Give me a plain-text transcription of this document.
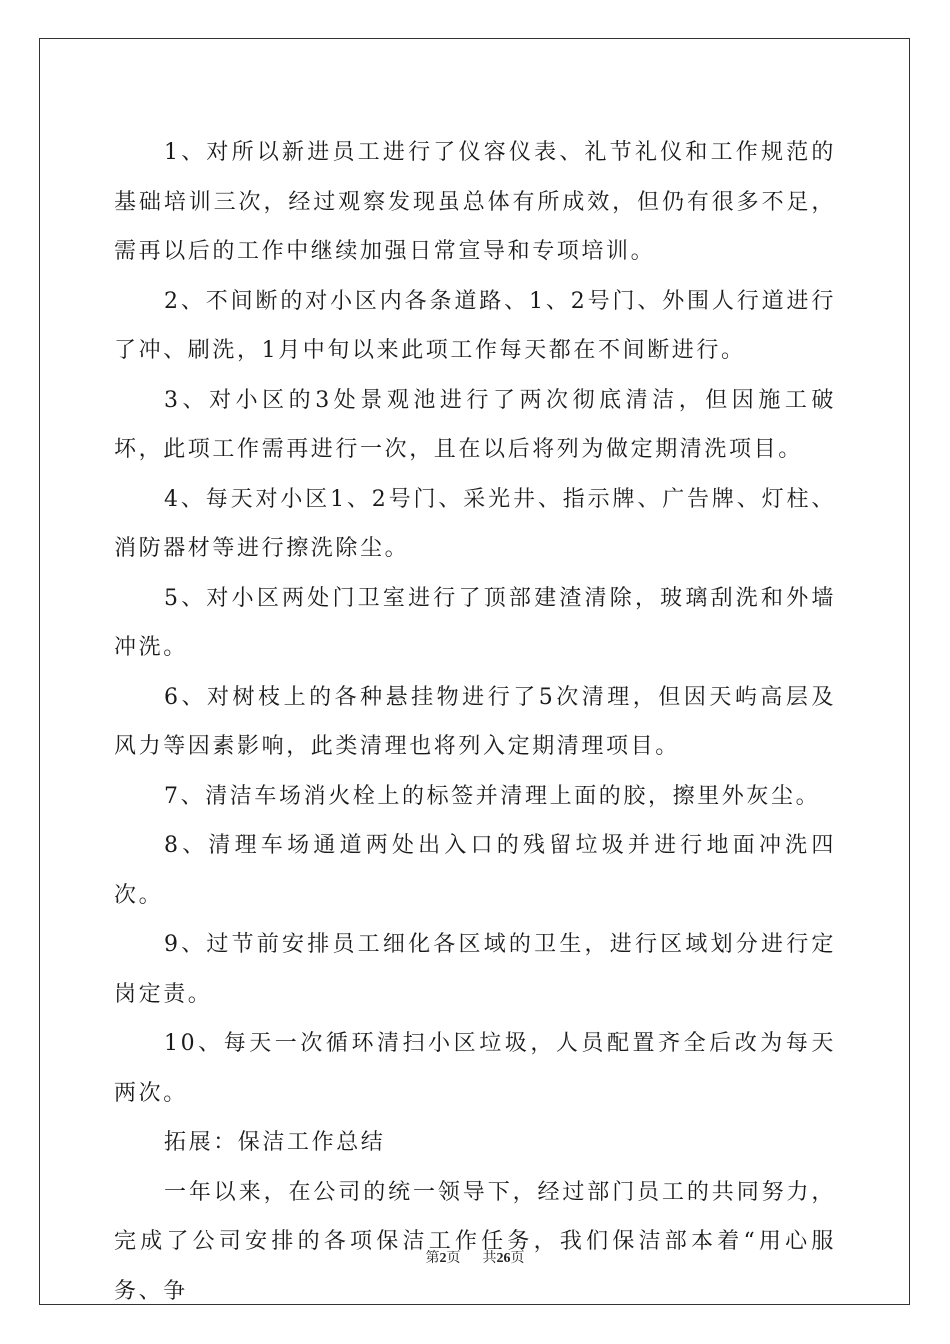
1、对所以新进员工进行了仪容仪表、礼节礼仪和工作规范的基础培训三次，经过观察发现虽总体有所成效，但仍有很多不足，需再以后的工作中继续加强日常宣导和专项培训。

2、不间断的对小区内各条道路、1、2号门、外围人行道进行了冲、刷洗，1月中旬以来此项工作每天都在不间断进行。

3、对小区的3处景观池进行了两次彻底清洁，但因施工破坏，此项工作需再进行一次，且在以后将列为做定期清洗项目。

4、每天对小区1、2号门、采光井、指示牌、广告牌、灯柱、消防器材等进行擦洗除尘。

5、对小区两处门卫室进行了顶部建渣清除，玻璃刮洗和外墙冲洗。

6、对树枝上的各种悬挂物进行了5次清理，但因天屿高层及风力等因素影响，此类清理也将列入定期清理项目。

7、清洁车场消火栓上的标签并清理上面的胶，擦里外灰尘。

8、清理车场通道两处出入口的残留垃圾并进行地面冲洗四次。

9、过节前安排员工细化各区域的卫生，进行区域划分进行定岗定责。

10、每天一次循环清扫小区垃圾，人员配置齐全后改为每天两次。

拓展：保洁工作总结

一年以来，在公司的统一领导下，经过部门员工的共同努力，完成了公司安排的各项保洁工作任务，我们保洁部本着“用心服务、争

第2页 共26页
